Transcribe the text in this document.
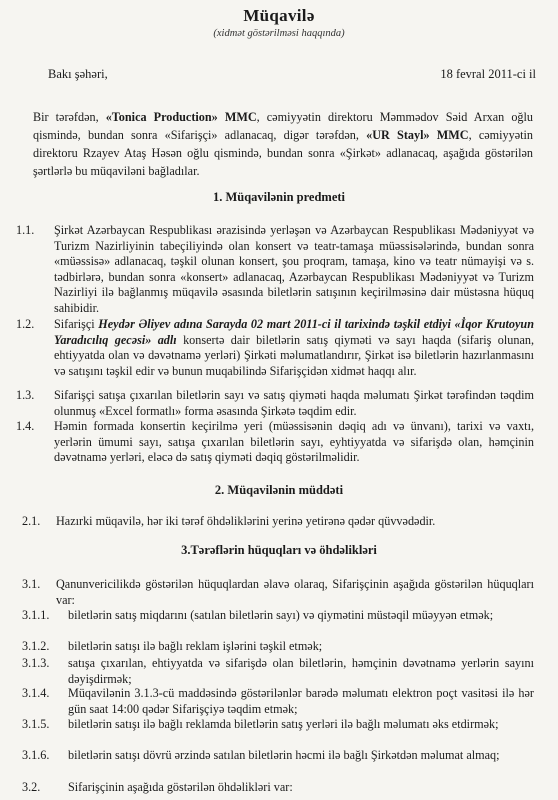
Müqavilə
(xidmət göstərilməsi haqqında)
Bakı şəhəri,	18 fevral 2011-ci il
Bir tərəfdən, «Tonica Production» MMC, cəmiyyətin direktoru Məmmədov Səid Arxan oğlu qismində, bundan sonra «Sifarişçi» adlanacaq, digər tərəfdən, «UR Stayl» MMC, cəmiyyətin direktoru Rzayev Ataş Həsən oğlu qismində, bundan sonra «Şirkət» adlanacaq, aşağıda göstərilən şərtlərlə bu müqaviləni bağladılar.
1. Müqavilənin predmeti
1.1. Şirkət Azərbaycan Respublikası ərazisində yerləşən və Azərbaycan Respublikası Mədəniyyət və Turizm Nazirliyinin tabeçiliyində olan konsert və teatr-tamaşa müəssisələrində, bundan sonra «müəssisə» adlanacaq, təşkil olunan konsert, şou proqram, tamaşa, kino və teatr nümayişi və s. tədbirlərə, bundan sonra «konsert» adlanacaq, Azərbaycan Respublikası Mədəniyyət və Turizm Nazirliyi ilə bağlanmış müqavilə əsasında biletlərin satışının keçirilməsinə dair müstəsna hüquq sahibidir.
1.2. Sifarişçi Heydər Əliyev adına Sarayda 02 mart 2011-ci il tarixində təşkil etdiyi «İqor Krutoyun Yaradıcılıq gecəsi» adlı konsertə dair biletlərin satış qiyməti və sayı haqda (sifariş olunan, ehtiyyatda olan və dəvətnamə yerləri) Şirkəti məlumatlandırır, Şirkət isə biletlərin hazırlanmasını və satışını təşkil edir və bunun muqabilində Sifarişçidən xidmət haqqı alır.
1.3. Sifarişçi satışa çıxarılan biletlərin sayı və satış qiyməti haqda məlumatı Şirkət tərəfindən təqdim olunmuş «Excel formatlı» forma əsasında Şirkətə təqdim edir.
1.4. Həmin formada konsertin keçirilmə yeri (müəssisənin dəqiq adı və ünvanı), tarixi və vaxtı, yerlərin ümumi sayı, satışa çıxarılan biletlərin sayı, eyhtiyyatda və sifarişdə olan, həmçinin dəvətnamə yerləri, eləcə də satış qiyməti dəqiq göstərilməlidir.
2. Müqavilənin müddəti
2.1. Hazırki müqavilə, hər iki tərəf öhdəliklərini yerinə yetirənə qədər qüvvədədir.
3.Tərəflərin hüquqları və öhdəlikləri
3.1. Qanunvericilikdə göstərilən hüquqlardan əlavə olaraq, Sifarişçinin aşağıda göstərilən hüquqları var:
3.1.1. biletlərin satış miqdarını (satılan biletlərin sayı) və qiymətini müstəqil müəyyən etmək;
3.1.2. biletlərin satışı ilə bağlı reklam işlərini təşkil etmək;
3.1.3. satışa çıxarılan, ehtiyyatda və sifarişdə olan biletlərin, həmçinin dəvətnamə yerlərin sayını dəyişdirmək;
3.1.4. Müqavilənin 3.1.3-cü maddəsində göstərilənlər barədə məlumatı elektron poçt vasitəsi ilə hər gün saat 14:00 qədər Sifarişçiyə təqdim etmək;
3.1.5. biletlərin satışı ilə bağlı reklamda biletlərin satış yerləri ilə bağlı məlumatı əks etdirmək;
3.1.6. biletlərin satışı dövrü ərzində satılan biletlərin həcmi ilə bağlı Şirkətdən məlumat almaq;
3.2. Sifarişçinin aşağıda göstərilən öhdəlikləri var:
